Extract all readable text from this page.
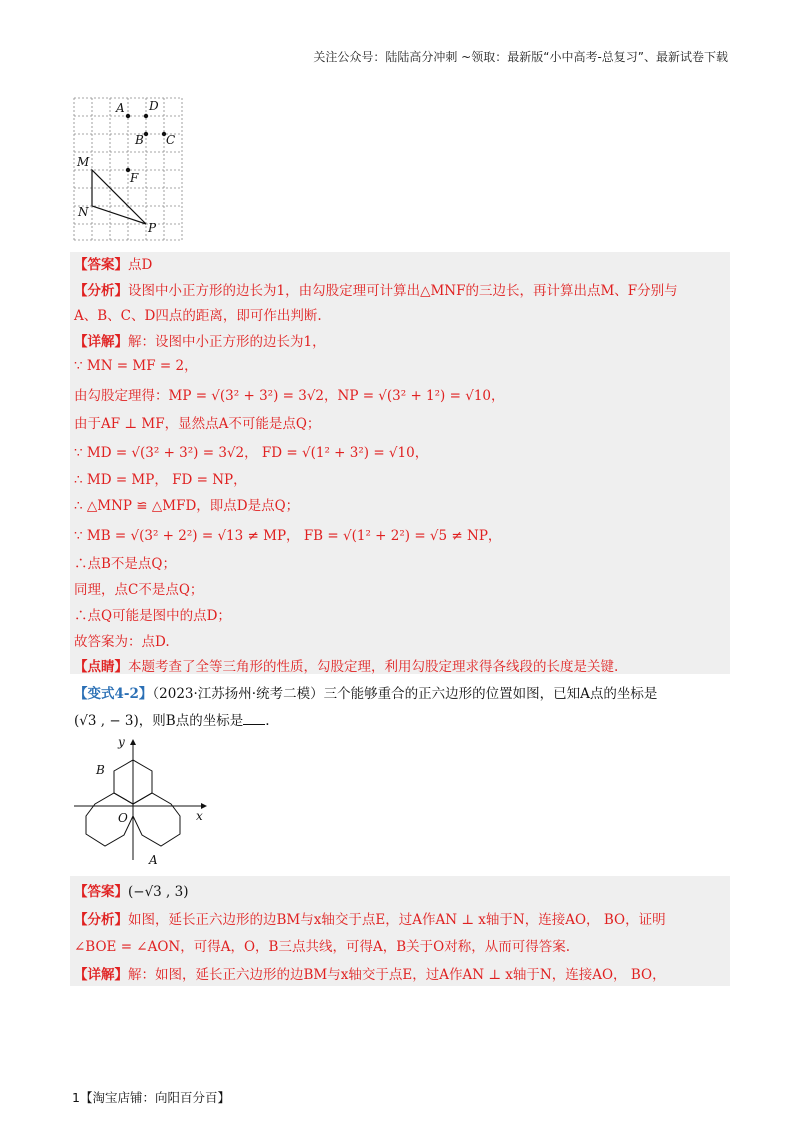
关注公众号：陆陆高分冲刺 ~领取：最新版“小中高考-总复习”、最新试卷下载
A D
B C
M
F
N
P
【答案】点D
【分析】设图中小正方形的边长为1，由勾股定理可计算出△MNF的三边长，再计算出点M、F分别与
A、B、C、D四点的距离，即可作出判断.
【详解】解：设图中小正方形的边长为1，
∵ MN = MF = 2，
由勾股定理得：MP = √(3² + 3²) = 3√2，NP = √(3² + 1²) = √10，
由于AF ⊥ MF，显然点A不可能是点Q；
∵ MD = √(3² + 3²) = 3√2， FD = √(1² + 3²) = √10，
∴ MD = MP， FD = NP，
∴ △MNP ≌ △MFD，即点D是点Q；
∵ MB = √(3² + 2²) = √13 ≠ MP， FB = √(1² + 2²) = √5 ≠ NP，
∴点B不是点Q；
同理，点C不是点Q；
∴点Q可能是图中的点D；
故答案为：点D.
【点睛】本题考查了全等三角形的性质，勾股定理，利用勾股定理求得各线段的长度是关键.
【变式4-2】（2023·江苏扬州·统考二模）三个能够重合的正六边形的位置如图，已知A点的坐标是
(√3 , − 3)，则B点的坐标是 .
y
x
O
B
A
【答案】(−√3 , 3)
【分析】如图，延长正六边形的边BM与x轴交于点E，过A作AN ⊥ x轴于N，连接AO， BO，证明
∠BOE = ∠AON，可得A，O，B三点共线，可得A，B关于O对称，从而可得答案.
【详解】解：如图，延长正六边形的边BM与x轴交于点E，过A作AN ⊥ x轴于N，连接AO， BO，
1【淘宝店铺：向阳百分百】
